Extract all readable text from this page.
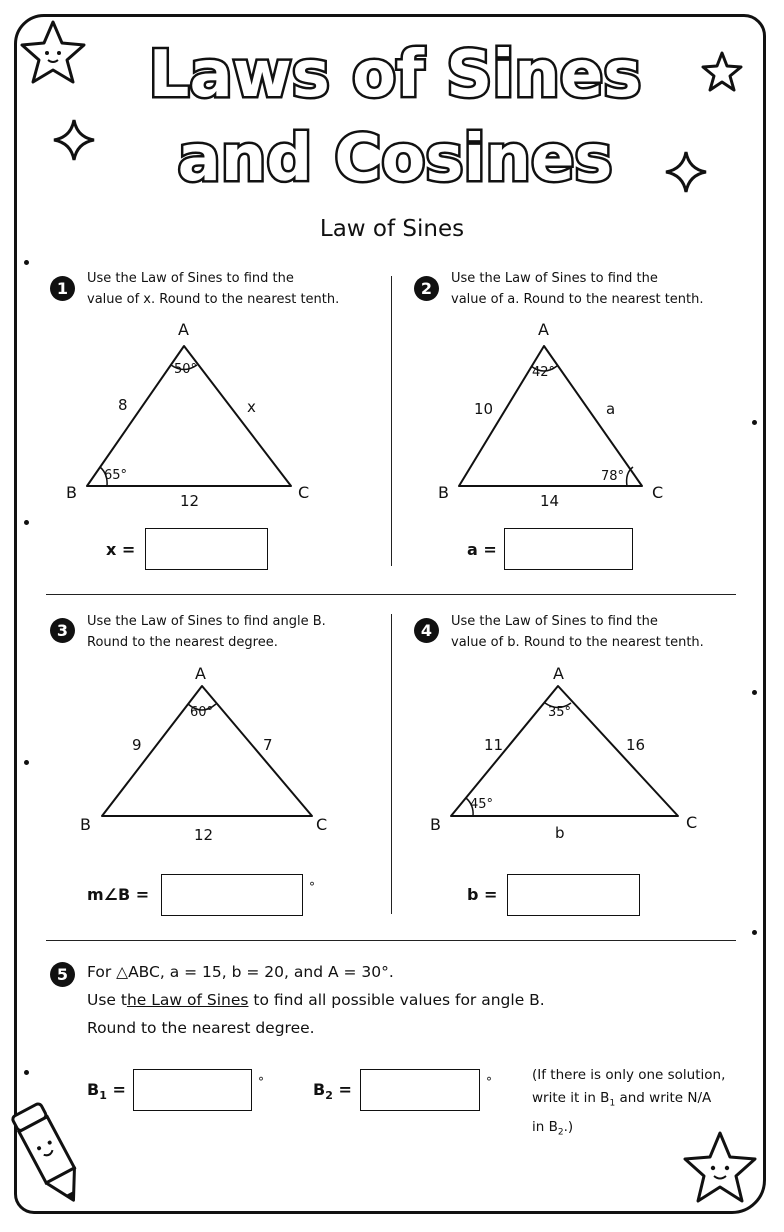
Laws of Sines
and Cosines
Law of Sines
1
Use the Law of Sines to find the
value of x. Round to the nearest tenth.
A
B	C
50°
65°
8	x
12
x =
2
Use the Law of Sines to find the
value of a. Round to the nearest tenth.
A
B	C
42°
78°
10	a
14
a =
3	Use the Law of Sines to find angle B.
Round to the nearest degree.
A
B	C
60°
9	7
12
m∠B =	°
4	Use the Law of Sines to find the
value of b. Round to the nearest tenth.
A
B	C
35°
45°
11	16
b
b =
5	For △ABC, a = 15, b = 20, and A = 30°.
Use the Law of Sines to find all possible values for angle B.
Round to the nearest degree.
$B_1$ =	°	$B_2$ =	°	(If there is only one solution,
write it in $B_1$ and write N/A
in $B_2$.)
